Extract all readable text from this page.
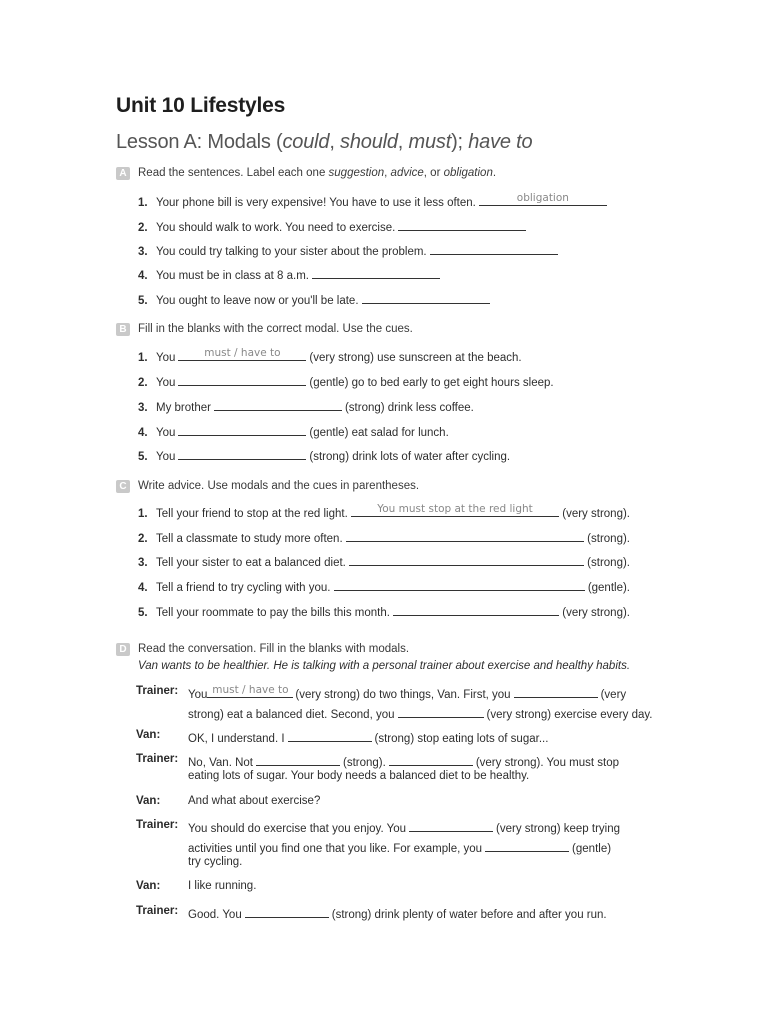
Unit 10 Lifestyles
Lesson A: Modals (could, should, must); have to
A Read the sentences. Label each one suggestion, advice, or obligation.
1. Your phone bill is very expensive! You have to use it less often.	obligation
2. You should walk to work. You need to exercise.
3. You could try talking to your sister about the problem.
4. You must be in class at 8 a.m.
5. You ought to leave now or you'll be late.
B Fill in the blanks with the correct modal. Use the cues.
1. You	must / have to	(very strong) use sunscreen at the beach.
2. You	(gentle) go to bed early to get eight hours sleep.
3. My brother	(strong) drink less coffee.
4. You	(gentle) eat salad for lunch.
5. You	(strong) drink lots of water after cycling.
C Write advice. Use modals and the cues in parentheses.
1. Tell your friend to stop at the red light.	You must stop at the red light	(very strong).
2. Tell a classmate to study more often.	(strong).
3. Tell your sister to eat a balanced diet.	(strong).
4. Tell a friend to try cycling with you.	(gentle).
5. Tell your roommate to pay the bills this month.	(very strong).
D Read the conversation. Fill in the blanks with modals.
Van wants to be healthier. He is talking with a personal trainer about exercise and healthy habits.
Trainer: You must / have to (very strong) do two things, Van. First, you	(very
strong) eat a balanced diet. Second, you	(very strong) exercise every day.
Van: OK, I understand. I	(strong) stop eating lots of sugar...
Trainer: No, Van. Not	(strong).	(very strong). You must stop
eating lots of sugar. Your body needs a balanced diet to be healthy.
Van: And what about exercise?
Trainer: You should do exercise that you enjoy. You	(very strong) keep trying
activities until you find one that you like. For example, you	(gentle)
try cycling.
Van: I like running.
Trainer: Good. You	(strong) drink plenty of water before and after you run.
